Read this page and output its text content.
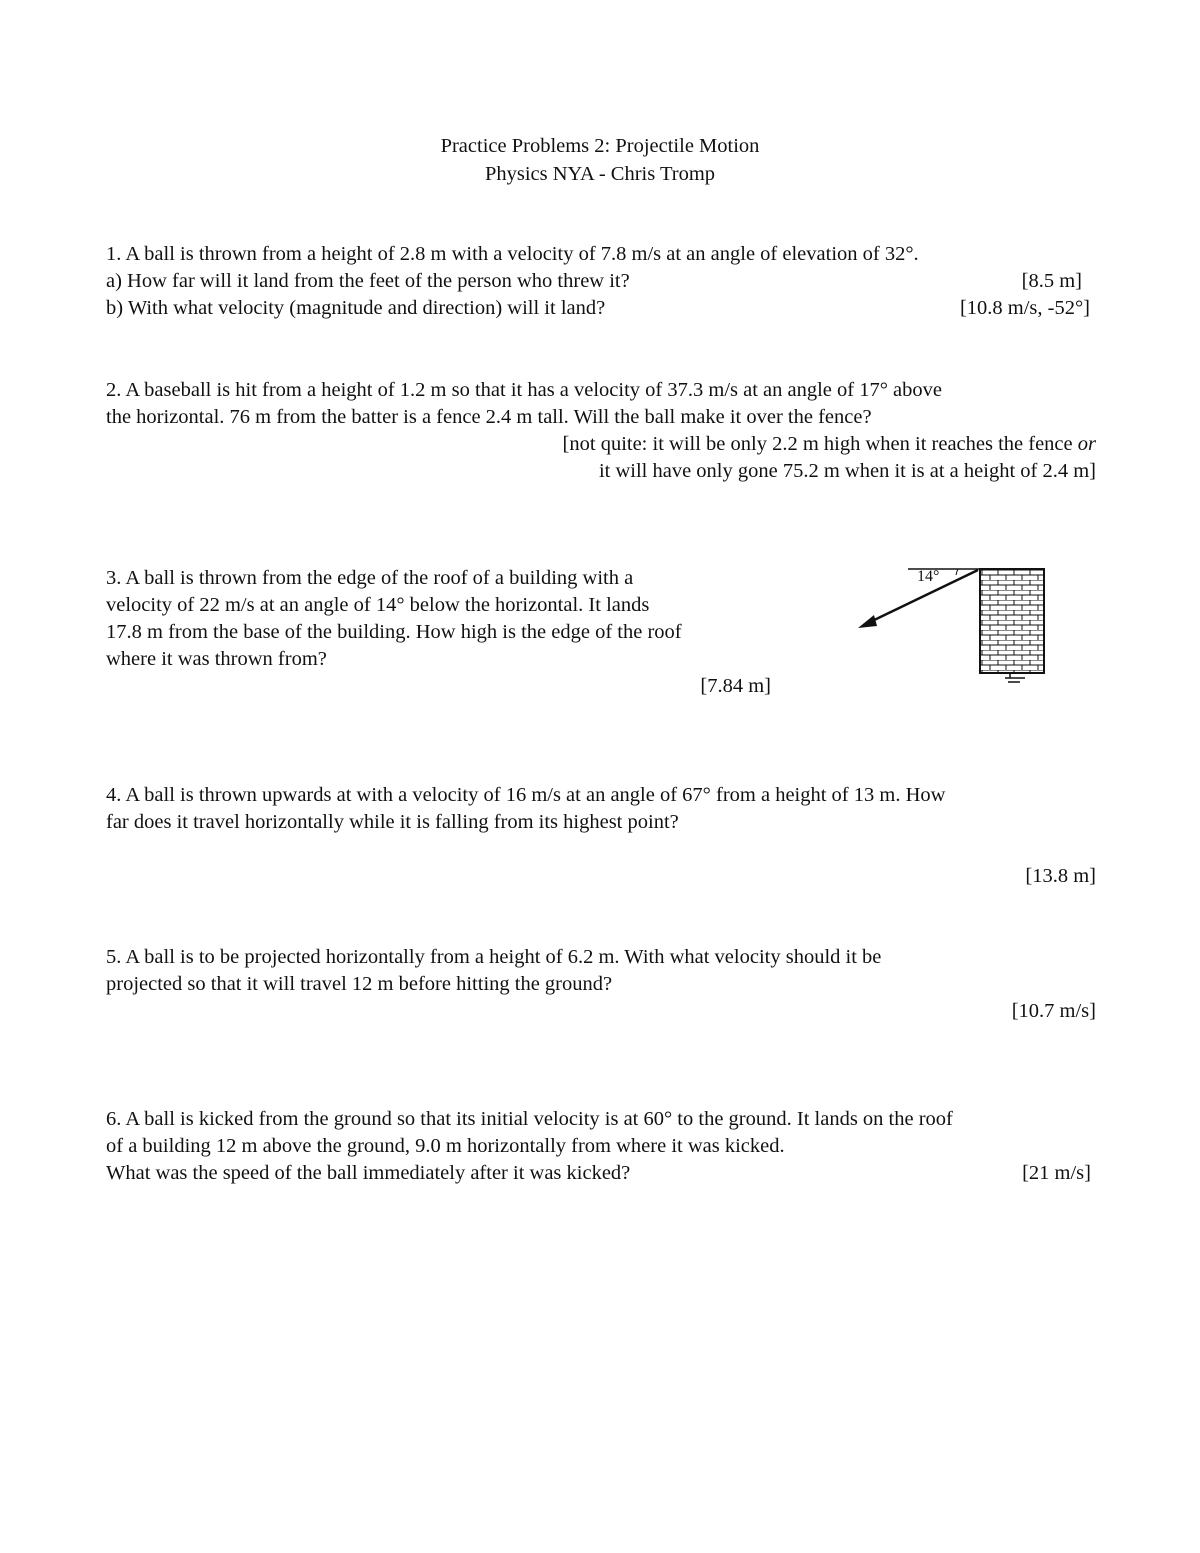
Practice Problems 2: Projectile Motion
Physics NYA - Chris Tromp
1. A ball is thrown from a height of 2.8 m with a velocity of 7.8 m/s at an angle of elevation of 32°.
a) How far will it land from the feet of the person who threw it?	[8.5 m]
b) With what velocity (magnitude and direction) will it land?	[10.8 m/s, -52°]
2. A baseball is hit from a height of 1.2 m so that it has a velocity of 37.3 m/s at an angle of 17° above
the horizontal. 76 m from the batter is a fence 2.4 m tall. Will the ball make it over the fence?
[not quite: it will be only 2.2 m high when it reaches the fence or
it will have only gone 75.2 m when it is at a height of 2.4 m]
3. A ball is thrown from the edge of the roof of a building with a
velocity of 22 m/s at an angle of 14° below the horizontal. It lands
17.8 m from the base of the building. How high is the edge of the roof
where it was thrown from?
[7.84 m]
14°
4. A ball is thrown upwards at with a velocity of 16 m/s at an angle of 67° from a height of 13 m. How
far does it travel horizontally while it is falling from its highest point?
[13.8 m]
5. A ball is to be projected horizontally from a height of 6.2 m. With what velocity should it be
projected so that it will travel 12 m before hitting the ground?
[10.7 m/s]
6. A ball is kicked from the ground so that its initial velocity is at 60° to the ground. It lands on the roof
of a building 12 m above the ground, 9.0 m horizontally from where it was kicked.
What was the speed of the ball immediately after it was kicked?	[21 m/s]
